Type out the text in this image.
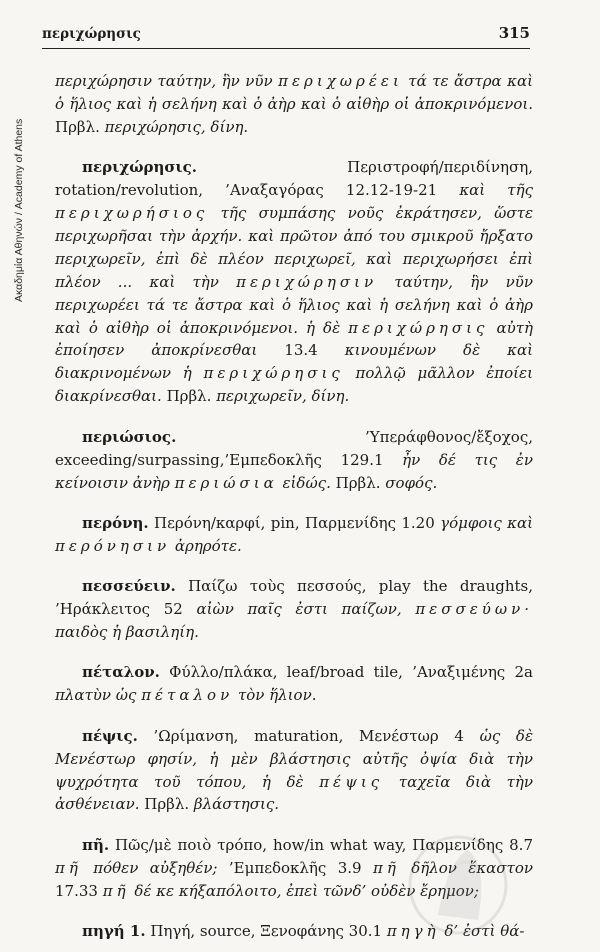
Ακαδημία Αθηνών / Academy of Athens
περιχώρησις	315

περιχώρησιν ταύτην, ἣν νῦν περιχωρέει τά τε ἄστρα καὶ ὁ ἥλιος καὶ ἡ σελήνη καὶ ὁ ἀὴρ καὶ ὁ αἰθὴρ οἱ ἀποκρινόμενοι. Πρβλ. περιχώρησις, δίνη.

περιχώρησις. Περιστροφή/περιδίνηση, rotation/revolution, ’Αναξαγόρας 12.12-19-21 καὶ τῆς περιχωρήσιος τῆς συμπάσης νοῦς ἐκράτησεν, ὥστε περιχωρῆσαι τὴν ἀρχήν. καὶ πρῶτον ἀπό του σμικροῦ ἤρξατο περιχωρεῖν, ἐπὶ δὲ πλέον περιχωρεῖ, καὶ περιχωρήσει ἐπὶ πλέον ... καὶ τὴν περιχώρησιν ταύτην, ἣν νῦν περιχωρέει τά τε ἄστρα καὶ ὁ ἥλιος καὶ ἡ σελήνη καὶ ὁ ἀὴρ καὶ ὁ αἰθὴρ οἱ ἀποκρινόμενοι. ἡ δὲ περιχώρησις αὐτὴ ἐποίησεν ἀποκρίνεσθαι 13.4 κινουμένων δὲ καὶ διακρινομένων ἡ περιχώρησις πολλῷ μᾶλλον ἐποίει διακρίνεσθαι. Πρβλ. περιχωρεῖν, δίνη.

περιώσιος. ’Υπεράφθονος/ἔξοχος, exceeding/surpassing,’Εμπεδοκλῆς 129.1 ἦν δέ τις ἐν κείνοισιν ἀνὴρ περιώσια εἰδώς. Πρβλ. σοφός.

περόνη. Περόνη/καρφί, pin, Παρμενίδης 1.20 γόμφοις καὶ περόνησιν ἀρηρότε.

πεσσεύειν. Παίζω τοὺς πεσσούς, play the draughts, ’Ηράκλειτος 52 αἰὼν παῖς ἐστι παίζων, πεσσεύων· παιδὸς ἡ βασιληίη.

πέταλον. Φύλλο/πλάκα, leaf/broad tile, ’Αναξιμένης 2a πλατὺν ὡς πέταλον τὸν ἥλιον.

πέψις. ’Ωρίμανση, maturation, Μενέστωρ 4 ὡς δὲ Μενέστωρ φησίν, ἡ μὲν βλάστησις αὐτῆς ὀψία διὰ τὴν ψυχρότητα τοῦ τόπου, ἡ δὲ πέψις ταχεῖα διὰ τὴν ἀσθένειαν. Πρβλ. βλάστησις.

πῆ. Πῶς/μὲ ποιὸ τρόπο, how/in what way, Παρμενίδης 8.7 πῆ πόθεν αὐξηθέν; ’Εμπεδοκλῆς 3.9 πῆ δῆλον ἕκαστον 17.33 πῆ δέ κε κήξαπόλοιτο, ἐπεὶ τῶνδ’ οὐδὲν ἔρημον;

πηγή 1. Πηγή, source, Ξενοφάνης 30.1 πηγὴ δ’ ἐστὶ θά-
